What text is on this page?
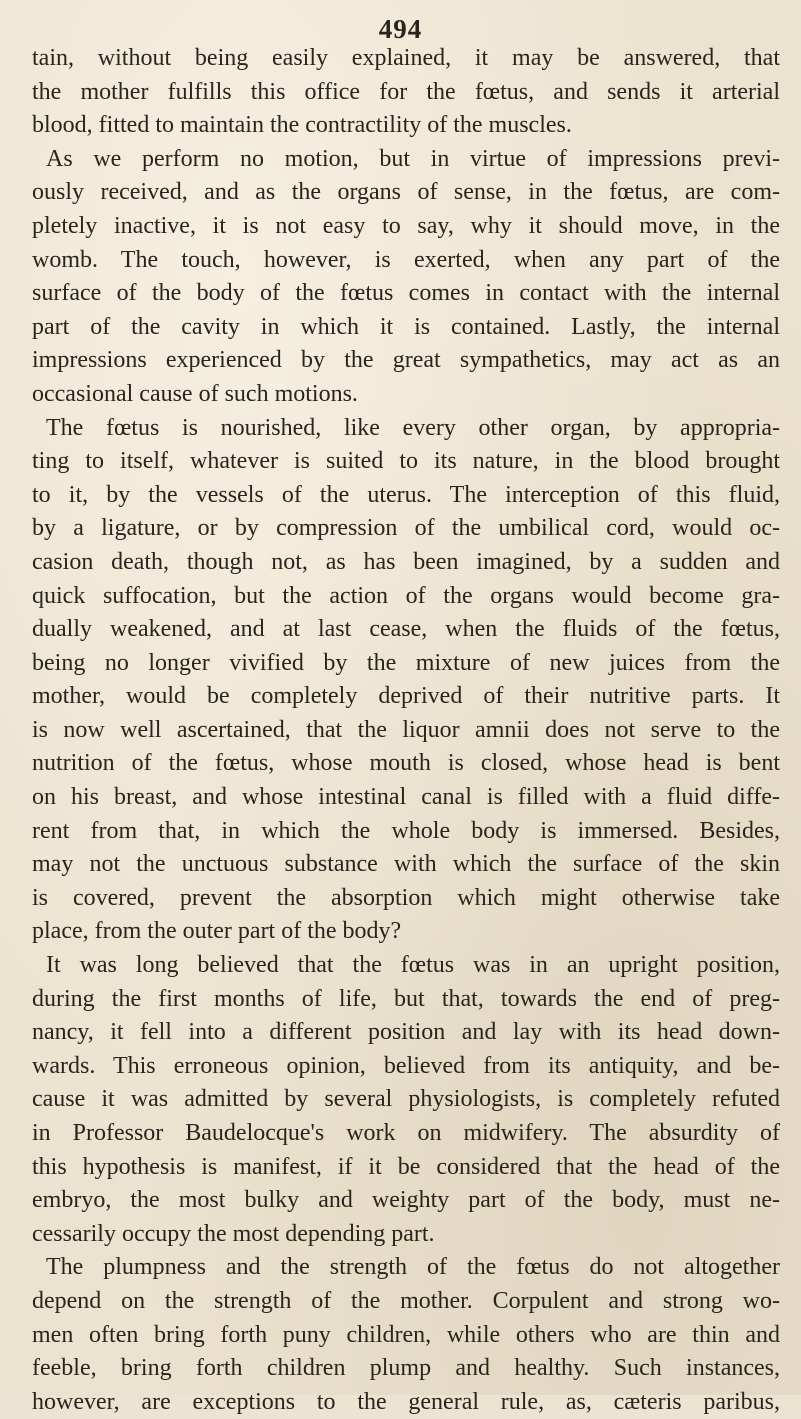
494
tain, without being easily explained, it may be answered, that
the mother fulfills this office for the fœtus, and sends it arterial
blood, fitted to maintain the contractility of the muscles.
As we perform no motion, but in virtue of impressions previ-
ously received, and as the organs of sense, in the fœtus, are com-
pletely inactive, it is not easy to say, why it should move, in the
womb. The touch, however, is exerted, when any part of the
surface of the body of the fœtus comes in contact with the internal
part of the cavity in which it is contained. Lastly, the internal
impressions experienced by the great sympathetics, may act as an
occasional cause of such motions.
The fœtus is nourished, like every other organ, by appropria-
ting to itself, whatever is suited to its nature, in the blood brought
to it, by the vessels of the uterus. The interception of this fluid,
by a ligature, or by compression of the umbilical cord, would oc-
casion death, though not, as has been imagined, by a sudden and
quick suffocation, but the action of the organs would become gra-
dually weakened, and at last cease, when the fluids of the fœtus,
being no longer vivified by the mixture of new juices from the
mother, would be completely deprived of their nutritive parts. It
is now well ascertained, that the liquor amnii does not serve to the
nutrition of the fœtus, whose mouth is closed, whose head is bent
on his breast, and whose intestinal canal is filled with a fluid diffe-
rent from that, in which the whole body is immersed. Besides,
may not the unctuous substance with which the surface of the skin
is covered, prevent the absorption which might otherwise take
place, from the outer part of the body?
It was long believed that the fœtus was in an upright position,
during the first months of life, but that, towards the end of preg-
nancy, it fell into a different position and lay with its head down-
wards. This erroneous opinion, believed from its antiquity, and be-
cause it was admitted by several physiologists, is completely refuted
in Professor Baudelocque's work on midwifery. The absurdity of
this hypothesis is manifest, if it be considered that the head of the
embryo, the most bulky and weighty part of the body, must ne-
cessarily occupy the most depending part.
The plumpness and the strength of the fœtus do not altogether
depend on the strength of the mother. Corpulent and strong wo-
men often bring forth puny children, while others who are thin and
feeble, bring forth children plump and healthy. Such instances,
however, are exceptions to the general rule, as, cæteris paribus,
